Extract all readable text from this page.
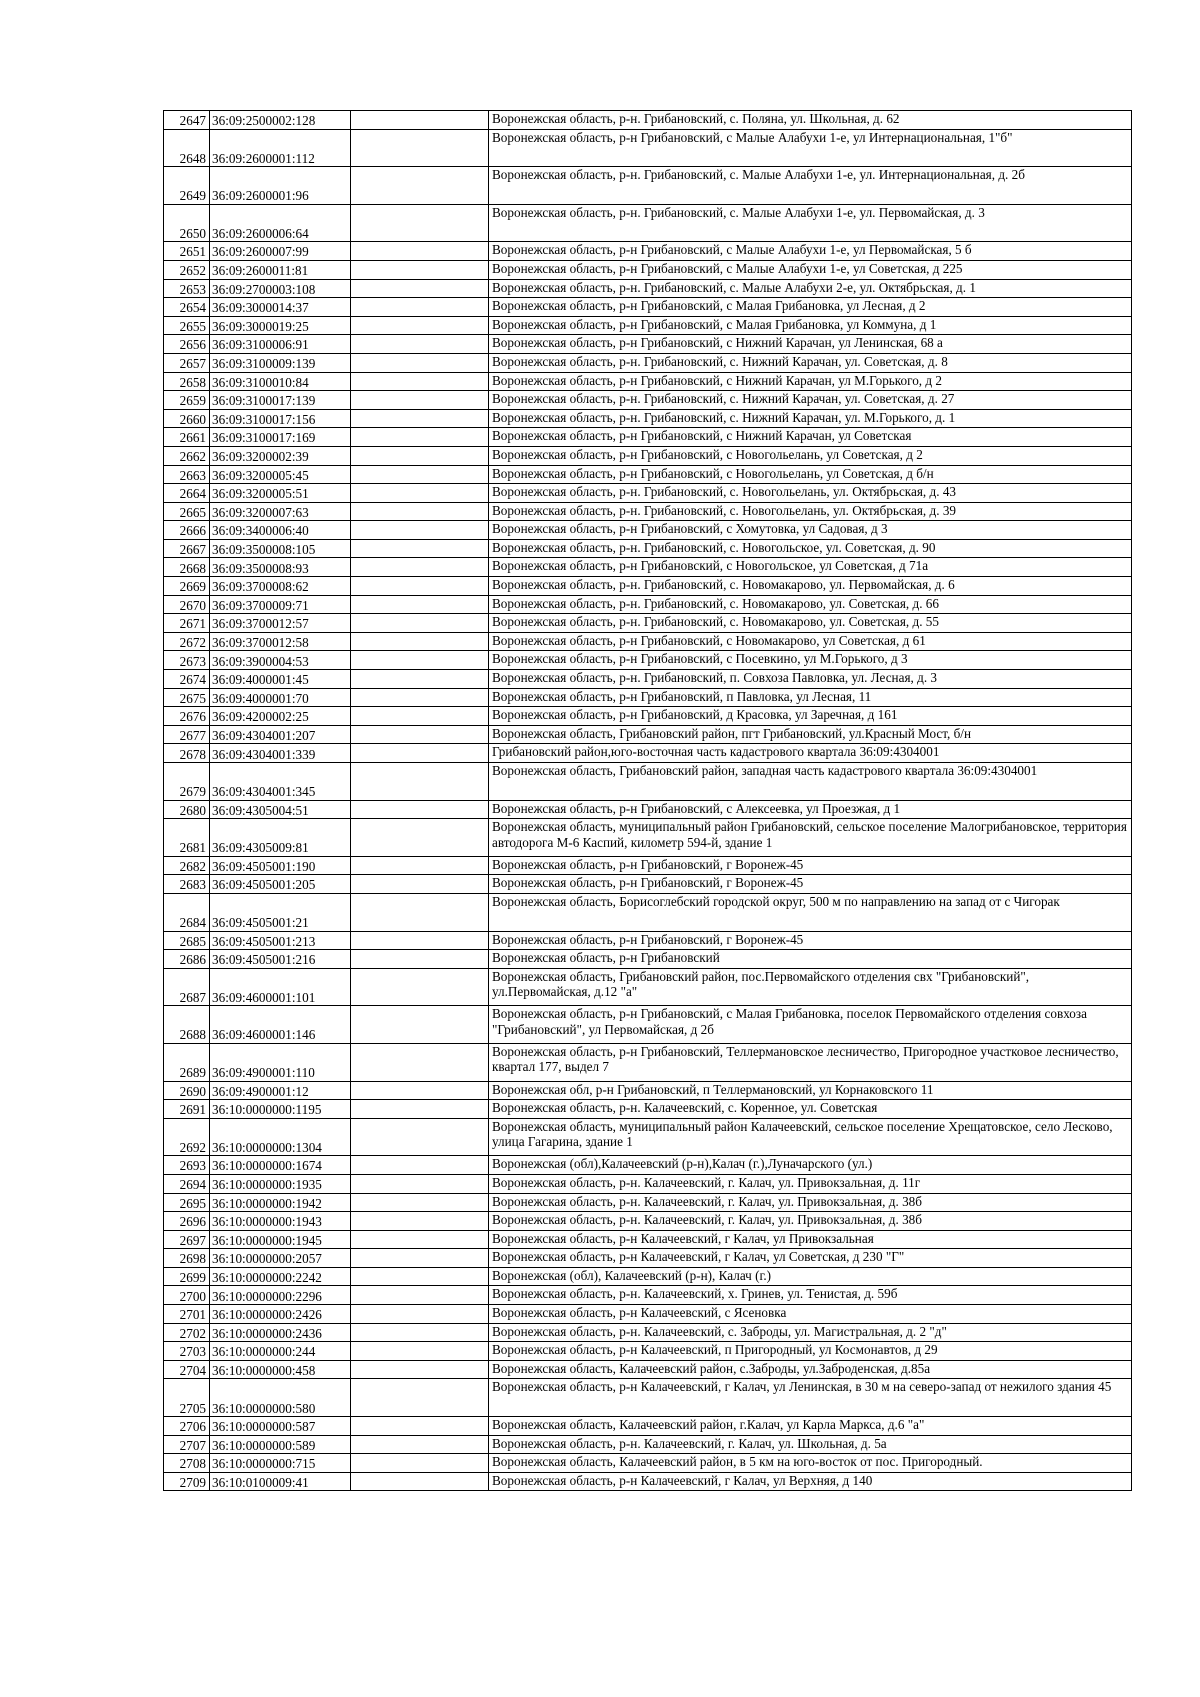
2647	36:09:2500002:128		Воронежская область, р-н. Грибановский, с. Поляна, ул. Школьная, д. 62
2648	36:09:2600001:112		Воронежская область, р-н Грибановский, с Малые Алабухи 1-е, ул Интернациональная, 1"б"
2649	36:09:2600001:96		Воронежская область, р-н. Грибановский, с. Малые Алабухи 1-е, ул. Интернациональная, д. 2б
2650	36:09:2600006:64		Воронежская область, р-н. Грибановский, с. Малые Алабухи 1-е, ул. Первомайская, д. 3
2651	36:09:2600007:99		Воронежская область, р-н Грибановский, с Малые Алабухи 1-е, ул Первомайская, 5 б
2652	36:09:2600011:81		Воронежская область, р-н Грибановский, с Малые Алабухи 1-е, ул Советская, д 225
2653	36:09:2700003:108		Воронежская область, р-н. Грибановский, с. Малые Алабухи 2-е, ул. Октябрьская, д. 1
2654	36:09:3000014:37		Воронежская область, р-н Грибановский, с Малая Грибановка, ул Лесная, д 2
2655	36:09:3000019:25		Воронежская область, р-н Грибановский, с Малая Грибановка, ул Коммуна, д 1
2656	36:09:3100006:91		Воронежская область, р-н Грибановский, с Нижний Карачан, ул Ленинская, 68 а
2657	36:09:3100009:139		Воронежская область, р-н. Грибановский, с. Нижний Карачан, ул. Советская, д. 8
2658	36:09:3100010:84		Воронежская область, р-н Грибановский, с Нижний Карачан, ул М.Горького, д 2
2659	36:09:3100017:139		Воронежская область, р-н. Грибановский, с. Нижний Карачан, ул. Советская, д. 27
2660	36:09:3100017:156		Воронежская область, р-н. Грибановский, с. Нижний Карачан, ул. М.Горького, д. 1
2661	36:09:3100017:169		Воронежская область, р-н Грибановский, с Нижний Карачан, ул Советская
2662	36:09:3200002:39		Воронежская область, р-н Грибановский, с Новогольелань, ул Советская, д 2
2663	36:09:3200005:45		Воронежская область, р-н Грибановский, с Новогольелань, ул Советская, д б/н
2664	36:09:3200005:51		Воронежская область, р-н. Грибановский, с. Новогольелань, ул. Октябрьская, д. 43
2665	36:09:3200007:63		Воронежская область, р-н. Грибановский, с. Новогольелань, ул. Октябрьская, д. 39
2666	36:09:3400006:40		Воронежская область, р-н Грибановский, с Хомутовка, ул Садовая, д 3
2667	36:09:3500008:105		Воронежская область, р-н. Грибановский, с. Новогольское, ул. Советская, д. 90
2668	36:09:3500008:93		Воронежская область, р-н Грибановский, с Новогольское, ул Советская, д 71а
2669	36:09:3700008:62		Воронежская область, р-н. Грибановский, с. Новомакарово, ул. Первомайская, д. 6
2670	36:09:3700009:71		Воронежская область, р-н. Грибановский, с. Новомакарово, ул. Советская, д. 66
2671	36:09:3700012:57		Воронежская область, р-н. Грибановский, с. Новомакарово, ул. Советская, д. 55
2672	36:09:3700012:58		Воронежская область, р-н Грибановский, с Новомакарово, ул Советская, д 61
2673	36:09:3900004:53		Воронежская область, р-н Грибановский, с Посевкино, ул М.Горького, д 3
2674	36:09:4000001:45		Воронежская область, р-н. Грибановский, п. Совхоза Павловка, ул. Лесная, д. 3
2675	36:09:4000001:70		Воронежская область, р-н Грибановский, п Павловка, ул Лесная, 11
2676	36:09:4200002:25		Воронежская область, р-н Грибановский, д Красовка, ул Заречная, д 161
2677	36:09:4304001:207		Воронежская область, Грибановский район, пгт Грибановский, ул.Красный Мост, б/н
2678	36:09:4304001:339		Грибановский район,юго-восточная часть кадастрового квартала 36:09:4304001
2679	36:09:4304001:345		Воронежская область, Грибановский район, западная часть кадастрового квартала 36:09:4304001
2680	36:09:4305004:51		Воронежская область, р-н Грибановский, с Алексеевка, ул Проезжая, д 1
2681	36:09:4305009:81		Воронежская область, муниципальный район Грибановский, сельское поселение Малогрибановское, территория автодорога М-6 Каспий, километр 594-й, здание 1
2682	36:09:4505001:190		Воронежская область, р-н Грибановский, г Воронеж-45
2683	36:09:4505001:205		Воронежская область, р-н Грибановский, г Воронеж-45
2684	36:09:4505001:21		Воронежская область, Борисоглебский городской округ, 500 м по направлению на запад от с Чигорак
2685	36:09:4505001:213		Воронежская область, р-н Грибановский, г Воронеж-45
2686	36:09:4505001:216		Воронежская область, р-н Грибановский
2687	36:09:4600001:101		Воронежская область, Грибановский район, пос.Первомайского отделения свх "Грибановский", ул.Первомайская, д.12 "а"
2688	36:09:4600001:146		Воронежская область, р-н Грибановский, с Малая Грибановка, поселок Первомайского отделения совхоза "Грибановский", ул Первомайская, д 2б
2689	36:09:4900001:110		Воронежская область, р-н Грибановский, Теллермановское лесничество, Пригородное участковое лесничество, квартал 177, выдел 7
2690	36:09:4900001:12		Воронежская обл, р-н Грибановский, п Теллермановский, ул Корнаковского 11
2691	36:10:0000000:1195		Воронежская область, р-н. Калачеевский, с. Коренное, ул. Советская
2692	36:10:0000000:1304		Воронежская область, муниципальный район Калачеевский, сельское поселение Хрещатовское, село Лесково, улица Гагарина, здание 1
2693	36:10:0000000:1674		Воронежская (обл),Калачеевский (р-н),Калач (г.),Луначарского (ул.)
2694	36:10:0000000:1935		Воронежская область, р-н. Калачеевский, г. Калач, ул. Привокзальная, д. 11г
2695	36:10:0000000:1942		Воронежская область, р-н. Калачеевский, г. Калач, ул. Привокзальная, д. 38б
2696	36:10:0000000:1943		Воронежская область, р-н. Калачеевский, г. Калач, ул. Привокзальная, д. 38б
2697	36:10:0000000:1945		Воронежская область, р-н Калачеевский, г Калач, ул Привокзальная
2698	36:10:0000000:2057		Воронежская область, р-н Калачеевский, г Калач, ул Советская, д 230 "Г"
2699	36:10:0000000:2242		Воронежская (обл), Калачеевский (р-н), Калач (г.)
2700	36:10:0000000:2296		Воронежская область, р-н. Калачеевский, х. Гринев, ул. Тенистая, д. 59б
2701	36:10:0000000:2426		Воронежская область, р-н Калачеевский, с Ясеновка
2702	36:10:0000000:2436		Воронежская область, р-н. Калачеевский, с. Заброды, ул. Магистральная, д. 2 "д"
2703	36:10:0000000:244		Воронежская область, р-н Калачеевский, п Пригородный, ул Космонавтов, д 29
2704	36:10:0000000:458		Воронежская область, Калачеевский район, с.Заброды, ул.Заброденская, д.85а
2705	36:10:0000000:580		Воронежская область, р-н Калачеевский, г Калач, ул Ленинская, в 30 м на северо-запад от нежилого здания 45
2706	36:10:0000000:587		Воронежская область, Калачеевский район, г.Калач, ул Карла Маркса, д.6 "а"
2707	36:10:0000000:589		Воронежская область, р-н. Калачеевский, г. Калач, ул. Школьная, д. 5а
2708	36:10:0000000:715		Воронежская область, Калачеевский район, в 5 км на юго-восток от пос. Пригородный.
2709	36:10:0100009:41		Воронежская область, р-н Калачеевский, г Калач, ул Верхняя, д 140
